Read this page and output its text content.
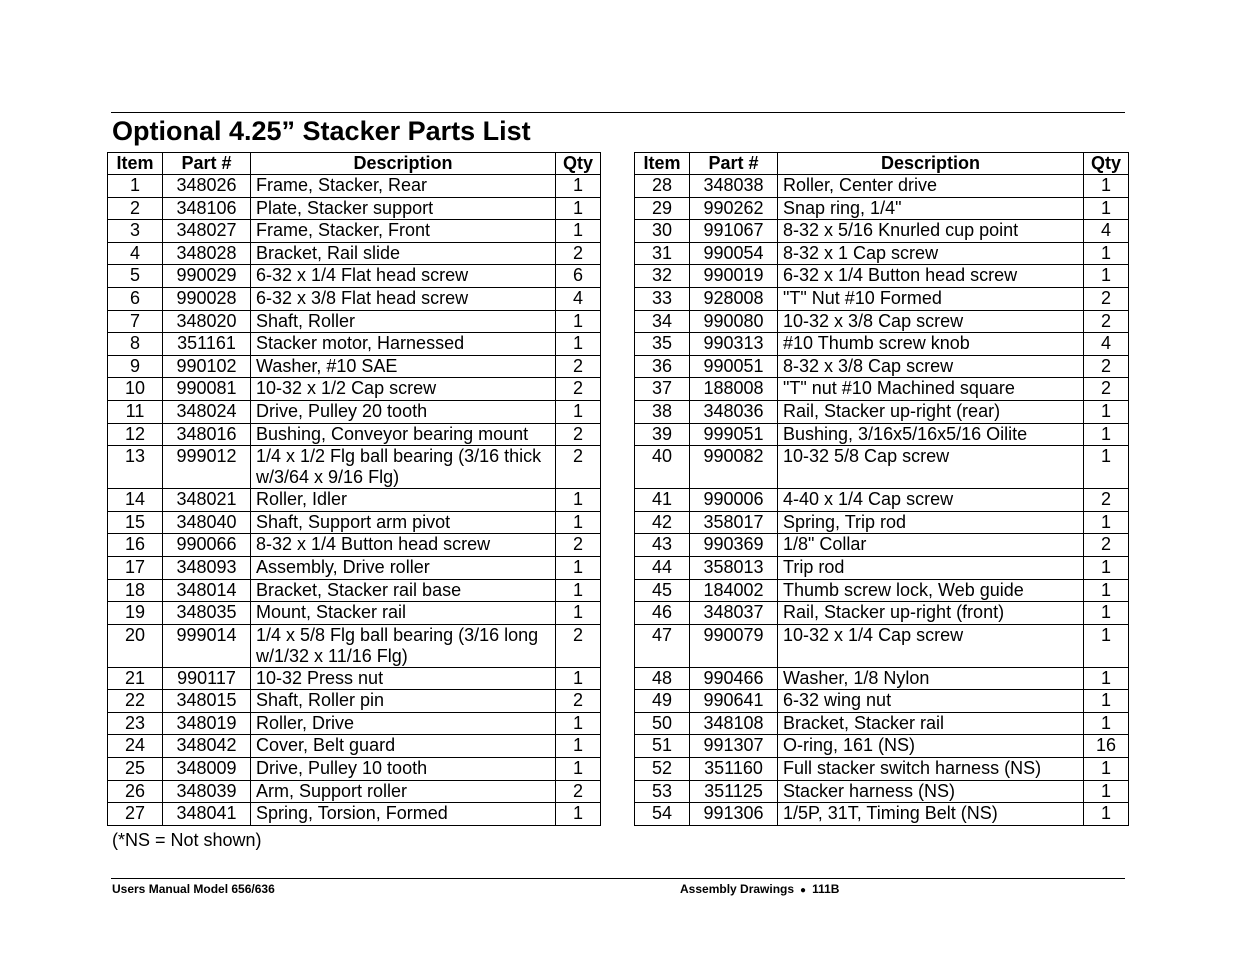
Optional 4.25” Stacker Parts List
Item	Part #	Description	Qty
1	348026	Frame, Stacker, Rear	1
2	348106	Plate, Stacker support	1
3	348027	Frame, Stacker, Front	1
4	348028	Bracket, Rail slide	2
5	990029	6-32 x 1/4 Flat head screw	6
6	990028	6-32 x 3/8 Flat head screw	4
7	348020	Shaft, Roller	1
8	351161	Stacker motor, Harnessed	1
9	990102	Washer, #10 SAE	2
10	990081	10-32 x 1/2 Cap screw	2
11	348024	Drive, Pulley 20 tooth	1
12	348016	Bushing, Conveyor bearing mount	2
13	999012	1/4 x 1/2 Flg ball bearing (3/16 thick w/3/64 x 9/16 Flg)	2
14	348021	Roller, Idler	1
15	348040	Shaft, Support arm pivot	1
16	990066	8-32 x 1/4 Button head screw	2
17	348093	Assembly, Drive roller	1
18	348014	Bracket, Stacker rail base	1
19	348035	Mount, Stacker rail	1
20	999014	1/4 x 5/8 Flg ball bearing (3/16 long w/1/32 x 11/16 Flg)	2
21	990117	10-32 Press nut	1
22	348015	Shaft, Roller pin	2
23	348019	Roller, Drive	1
24	348042	Cover, Belt guard	1
25	348009	Drive, Pulley 10 tooth	1
26	348039	Arm, Support roller	2
27	348041	Spring, Torsion, Formed	1
Item	Part #	Description	Qty
28	348038	Roller, Center drive	1
29	990262	Snap ring, 1/4"	1
30	991067	8-32 x 5/16 Knurled cup point	4
31	990054	8-32 x 1 Cap screw	1
32	990019	6-32 x 1/4 Button head screw	1
33	928008	"T" Nut #10 Formed	2
34	990080	10-32 x 3/8 Cap screw	2
35	990313	#10 Thumb screw knob	4
36	990051	8-32 x 3/8 Cap screw	2
37	188008	"T" nut #10 Machined square	2
38	348036	Rail, Stacker up-right (rear)	1
39	999051	Bushing, 3/16x5/16x5/16 Oilite	1
40	990082	10-32 5/8 Cap screw	1
41	990006	4-40 x 1/4 Cap screw	2
42	358017	Spring, Trip rod	1
43	990369	1/8" Collar	2
44	358013	Trip rod	1
45	184002	Thumb screw lock, Web guide	1
46	348037	Rail, Stacker up-right (front)	1
47	990079	10-32 x 1/4 Cap screw	1
48	990466	Washer, 1/8 Nylon	1
49	990641	6-32 wing nut	1
50	348108	Bracket, Stacker rail	1
51	991307	O-ring, 161 (NS)	16
52	351160	Full stacker switch harness (NS)	1
53	351125	Stacker harness (NS)	1
54	991306	1/5P, 31T, Timing Belt (NS)	1
(*NS = Not shown)
Users Manual Model 656/636	Assembly Drawings ● 111B
